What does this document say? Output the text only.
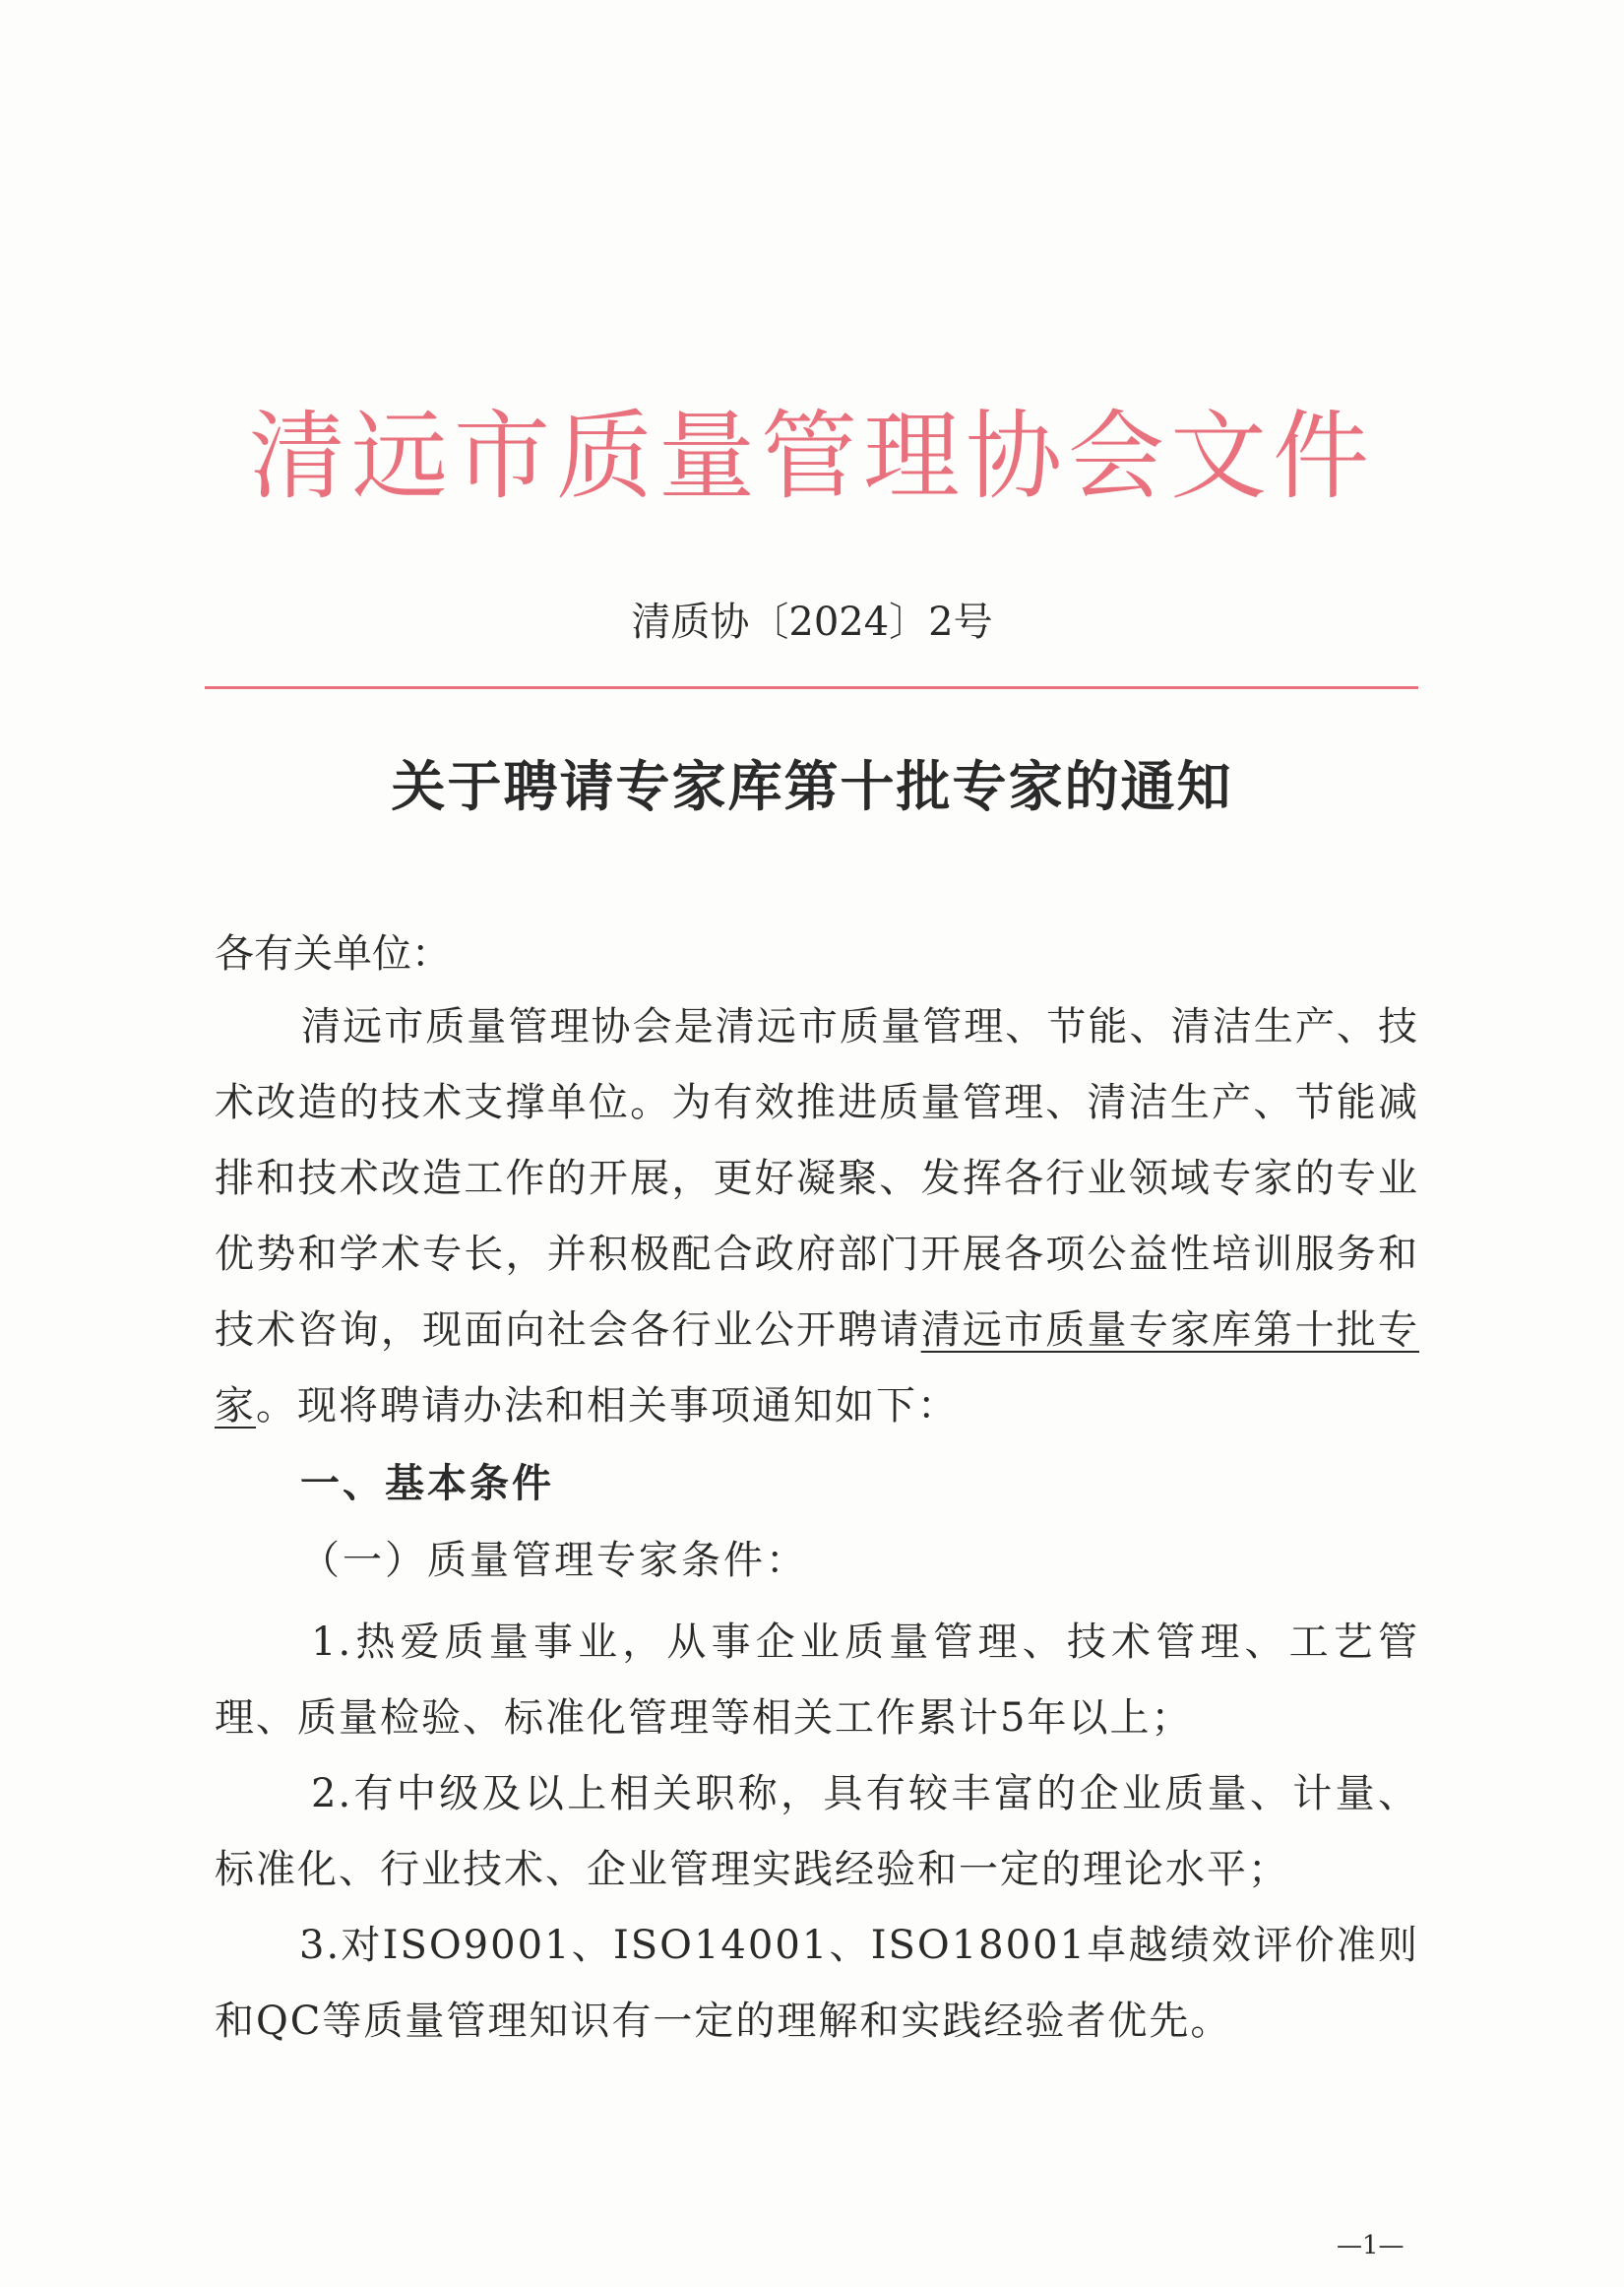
清远市质量管理协会文件
清质协〔2024〕2号
关于聘请专家库第十批专家的通知
各有关单位：
清远市质量管理协会是清远市质量管理、节能、清洁生产、技术改造的技术支撑单位。为有效推进质量管理、清洁生产、节能减排和技术改造工作的开展，更好凝聚、发挥各行业领域专家的专业优势和学术专长，并积极配合政府部门开展各项公益性培训服务和技术咨询，现面向社会各行业公开聘请清远市质量专家库第十批专家。现将聘请办法和相关事项通知如下：
一、基本条件
（一）质量管理专家条件：
1.热爱质量事业，从事企业质量管理、技术管理、工艺管理、质量检验、标准化管理等相关工作累计5年以上；
2.有中级及以上相关职称，具有较丰富的企业质量、计量、标准化、行业技术、企业管理实践经验和一定的理论水平；
3.对ISO9001、ISO14001、ISO18001卓越绩效评价准则和QC等质量管理知识有一定的理解和实践经验者优先。
—1—
